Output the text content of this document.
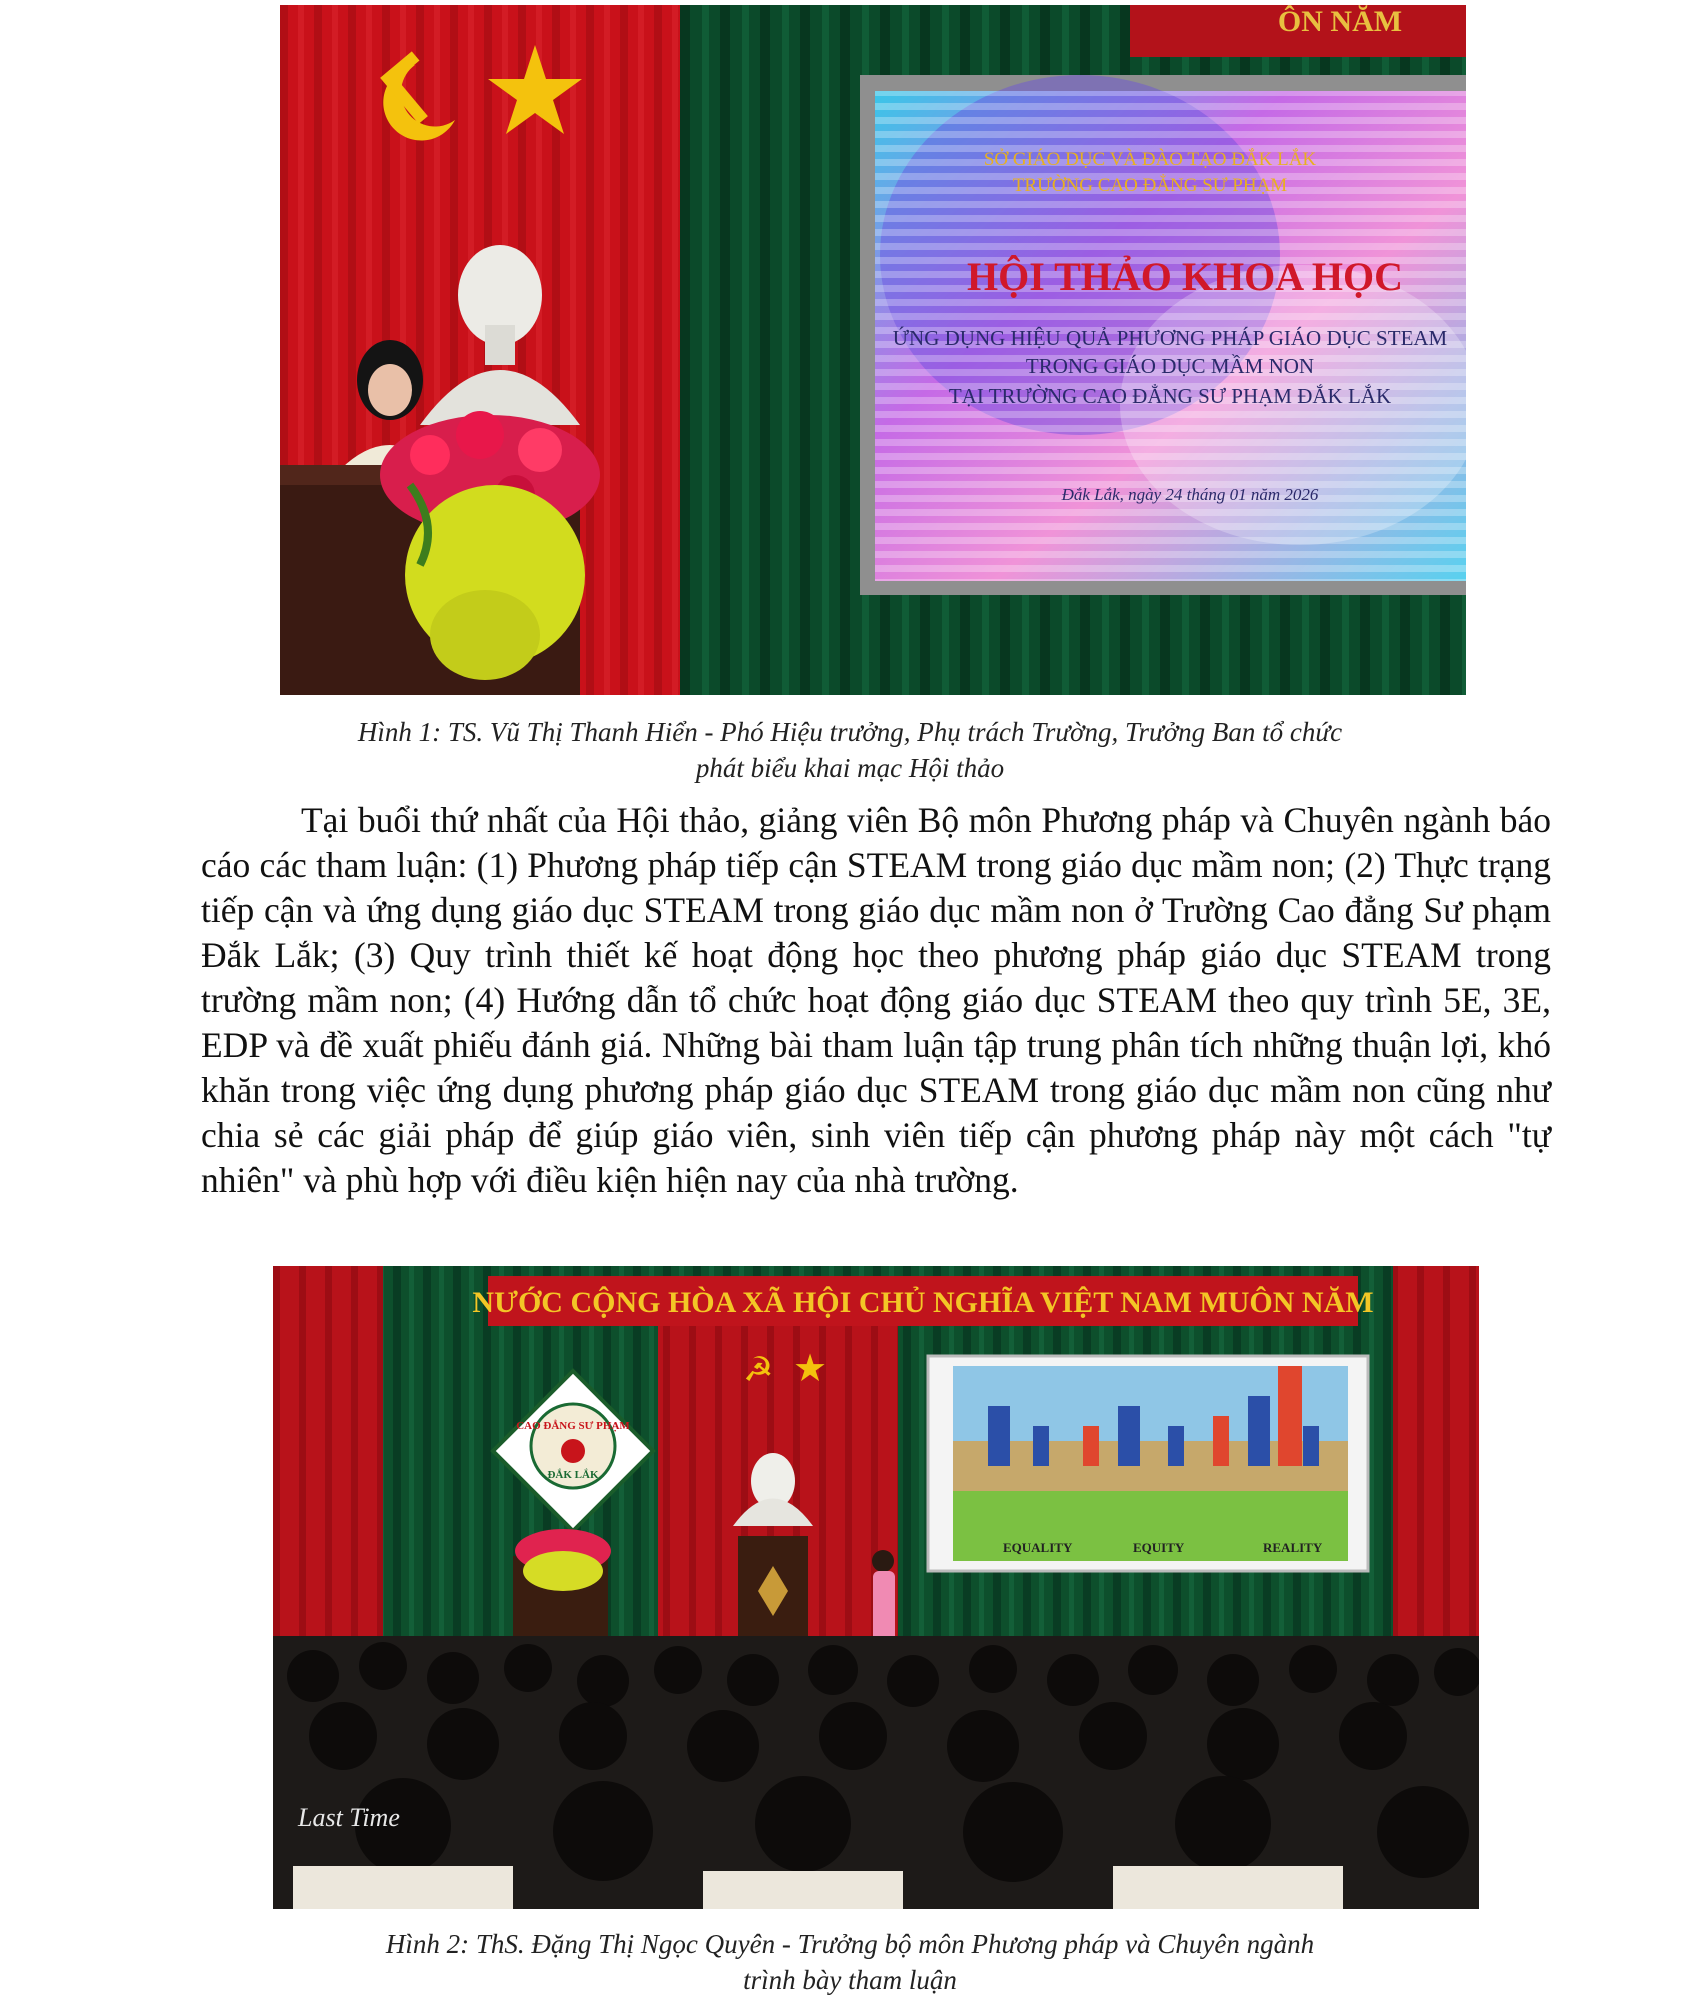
ÔN NĂM
SỞ GIÁO DỤC VÀ ĐÀO TẠO ĐẮK LẮK
TRƯỜNG CAO ĐẲNG SƯ PHẠM
HỘI THẢO KHOA HỌC
ỨNG DỤNG HIỆU QUẢ PHƯƠNG PHÁP GIÁO DỤC STEAM
TRONG GIÁO DỤC MẦM NON
TẠI TRƯỜNG CAO ĐẲNG SƯ PHẠM ĐẮK LẮK
Đắk Lắk, ngày 24 tháng 01 năm 2026
Hình 1: TS. Vũ Thị Thanh Hiển - Phó Hiệu trưởng, Phụ trách Trường, Trưởng Ban tổ chức
phát biểu khai mạc Hội thảo

Tại buổi thứ nhất của Hội thảo, giảng viên Bộ môn Phương pháp và Chuyên ngành báo cáo các tham luận: (1) Phương pháp tiếp cận STEAM trong giáo dục mầm non; (2) Thực trạng tiếp cận và ứng dụng giáo dục STEAM trong giáo dục mầm non ở Trường Cao đẳng Sư phạm Đắk Lắk; (3) Quy trình thiết kế hoạt động học theo phương pháp giáo dục STEAM trong trường mầm non; (4) Hướng dẫn tổ chức hoạt động giáo dục STEAM theo quy trình 5E, 3E, EDP và đề xuất phiếu đánh giá. Những bài tham luận tập trung phân tích những thuận lợi, khó khăn trong việc ứng dụng phương pháp giáo dục STEAM trong giáo dục mầm non cũng như chia sẻ các giải pháp để giúp giáo viên, sinh viên tiếp cận phương pháp này một cách "tự nhiên" và phù hợp với điều kiện hiện nay của nhà trường.

NƯỚC CỘNG HÒA XÃ HỘI CHỦ NGHĨA VIỆT NAM MUÔN NĂM
☭ ★
CAO ĐẲNG SƯ PHẠM
ĐẮK LẮK
EQUALITY	EQUITY	REALITY
Last Time
Hình 2: ThS. Đặng Thị Ngọc Quyên - Trưởng bộ môn Phương pháp và Chuyên ngành
trình bày tham luận
